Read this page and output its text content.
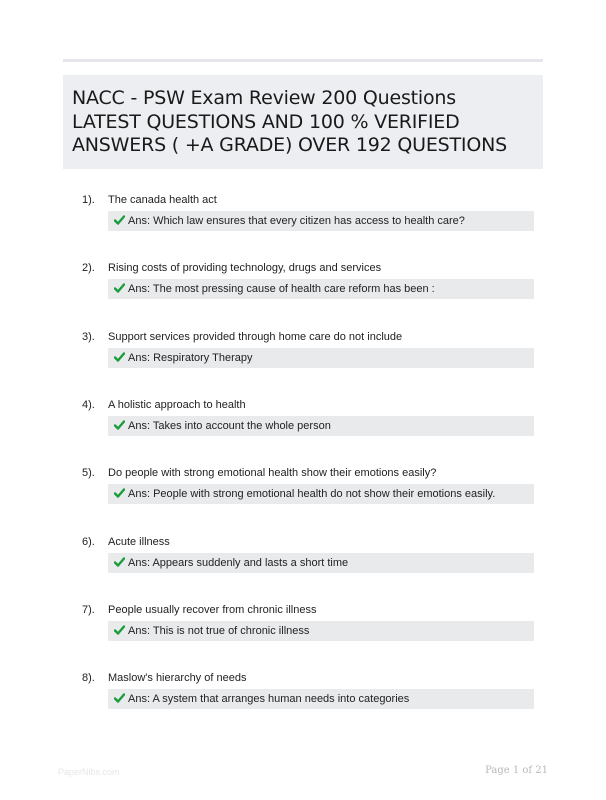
NACC - PSW Exam Review 200 Questions
LATEST QUESTIONS AND 100 % VERIFIED
ANSWERS ( +A GRADE) OVER 192 QUESTIONS
1). The canada health act
Ans: Which law ensures that every citizen has access to health care?
2). Rising costs of providing technology, drugs and services
Ans: The most pressing cause of health care reform has been :
3). Support services provided through home care do not include
Ans: Respiratory Therapy
4). A holistic approach to health
Ans: Takes into account the whole person
5). Do people with strong emotional health show their emotions easily?
Ans: People with strong emotional health do not show their emotions easily.
6). Acute illness
Ans: Appears suddenly and lasts a short time
7). People usually recover from chronic illness
Ans: This is not true of chronic illness
8). Maslow's hierarchy of needs
Ans: A system that arranges human needs into categories
PaperNibs.com	Page 1 of 21
